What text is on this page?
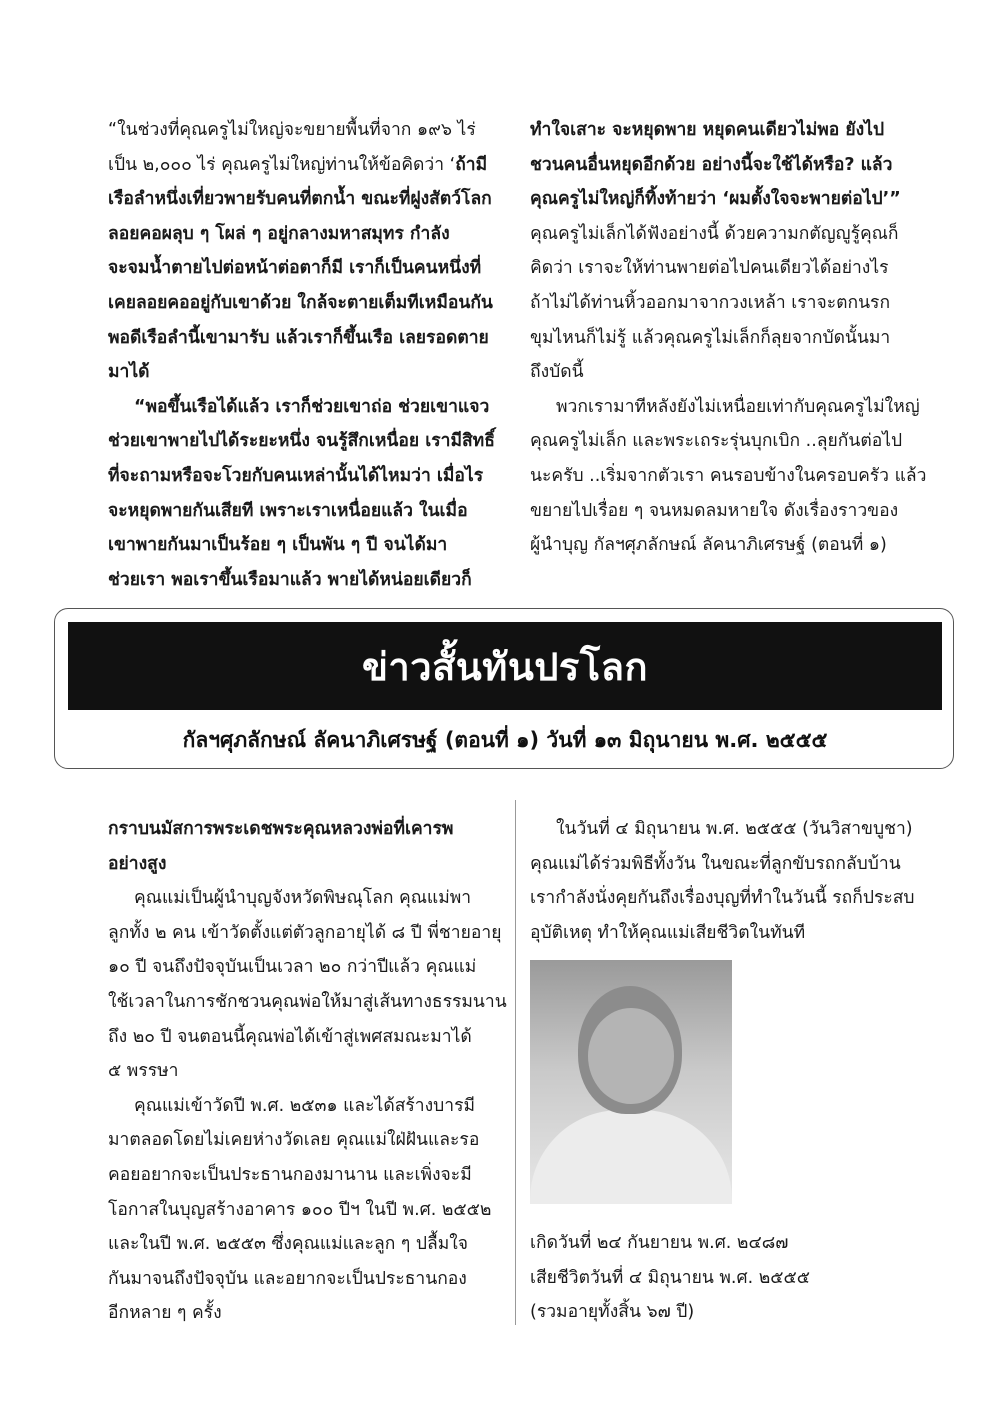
“ในช่วงที่คุณครูไม่ใหญ่จะขยายพื้นที่จาก ๑๙๖ ไร่
เป็น ๒,๐๐๐ ไร่ คุณครูไม่ใหญ่ท่านให้ข้อคิดว่า ‘ถ้ามี
เรือลำหนึ่งเที่ยวพายรับคนที่ตกน้ำ ขณะที่ฝูงสัตว์โลก
ลอยคอผลุบ ๆ โผล่ ๆ อยู่กลางมหาสมุทร กำลัง
จะจมน้ำตายไปต่อหน้าต่อตาก็มี เราก็เป็นคนหนึ่งที่
เคยลอยคออยู่กับเขาด้วย ใกล้จะตายเต็มทีเหมือนกัน
พอดีเรือลำนี้เขามารับ แล้วเราก็ขึ้นเรือ เลยรอดตาย
มาได้
“พอขึ้นเรือได้แล้ว เราก็ช่วยเขาถ่อ ช่วยเขาแจว
ช่วยเขาพายไปได้ระยะหนึ่ง จนรู้สึกเหนื่อย เรามีสิทธิ์
ที่จะถามหรือจะโวยกับคนเหล่านั้นได้ไหมว่า เมื่อไร
จะหยุดพายกันเสียที เพราะเราเหนื่อยแล้ว ในเมื่อ
เขาพายกันมาเป็นร้อย ๆ เป็นพัน ๆ ปี จนได้มา
ช่วยเรา พอเราขึ้นเรือมาแล้ว พายได้หน่อยเดียวก็
ทำใจเสาะ จะหยุดพาย หยุดคนเดียวไม่พอ ยังไป
ชวนคนอื่นหยุดอีกด้วย อย่างนี้จะใช้ได้หรือ? แล้ว
คุณครูไม่ใหญ่ก็ทิ้งท้ายว่า ‘ผมตั้งใจจะพายต่อไป’”
คุณครูไม่เล็กได้ฟังอย่างนี้ ด้วยความกตัญญูรู้คุณก็
คิดว่า เราจะให้ท่านพายต่อไปคนเดียวได้อย่างไร
ถ้าไม่ได้ท่านหิ้วออกมาจากวงเหล้า เราจะตกนรก
ขุมไหนก็ไม่รู้ แล้วคุณครูไม่เล็กก็ลุยจากบัดนั้นมา
ถึงบัดนี้
พวกเรามาทีหลังยังไม่เหนื่อยเท่ากับคุณครูไม่ใหญ่
คุณครูไม่เล็ก และพระเถระรุ่นบุกเบิก ..ลุยกันต่อไป
นะครับ ..เริ่มจากตัวเรา คนรอบข้างในครอบครัว แล้ว
ขยายไปเรื่อย ๆ จนหมดลมหายใจ ดังเรื่องราวของ
ผู้นำบุญ กัลฯศุภลักษณ์ ลัคนาภิเศรษฐ์ (ตอนที่ ๑)
ข่าวสั้นทันปรโลก
กัลฯศุภลักษณ์ ลัคนาภิเศรษฐ์ (ตอนที่ ๑) วันที่ ๑๓ มิถุนายน พ.ศ. ๒๕๕๕
กราบนมัสการพระเดชพระคุณหลวงพ่อที่เคารพ
อย่างสูง
คุณแม่เป็นผู้นำบุญจังหวัดพิษณุโลก คุณแม่พา
ลูกทั้ง ๒ คน เข้าวัดตั้งแต่ตัวลูกอายุได้ ๘ ปี พี่ชายอายุ
๑๐ ปี จนถึงปัจจุบันเป็นเวลา ๒๐ กว่าปีแล้ว คุณแม่
ใช้เวลาในการชักชวนคุณพ่อให้มาสู่เส้นทางธรรมนาน
ถึง ๒๐ ปี จนตอนนี้คุณพ่อได้เข้าสู่เพศสมณะมาได้
๕ พรรษา
คุณแม่เข้าวัดปี พ.ศ. ๒๕๓๑ และได้สร้างบารมี
มาตลอดโดยไม่เคยห่างวัดเลย คุณแม่ใฝ่ฝันและรอ
คอยอยากจะเป็นประธานกองมานาน และเพิ่งจะมี
โอกาสในบุญสร้างอาคาร ๑๐๐ ปีฯ ในปี พ.ศ. ๒๕๕๒
และในปี พ.ศ. ๒๕๕๓ ซึ่งคุณแม่และลูก ๆ ปลื้มใจ
กันมาจนถึงปัจจุบัน และอยากจะเป็นประธานกอง
อีกหลาย ๆ ครั้ง
ในวันที่ ๔ มิถุนายน พ.ศ. ๒๕๕๕ (วันวิสาขบูชา)
คุณแม่ได้ร่วมพิธีทั้งวัน ในขณะที่ลูกขับรถกลับบ้าน
เรากำลังนั่งคุยกันถึงเรื่องบุญที่ทำในวันนี้ รถก็ประสบ
อุบัติเหตุ ทำให้คุณแม่เสียชีวิตในทันที
เกิดวันที่ ๒๔ กันยายน พ.ศ. ๒๔๘๗
เสียชีวิตวันที่ ๔ มิถุนายน พ.ศ. ๒๕๕๕
(รวมอายุทั้งสิ้น ๖๗ ปี)
